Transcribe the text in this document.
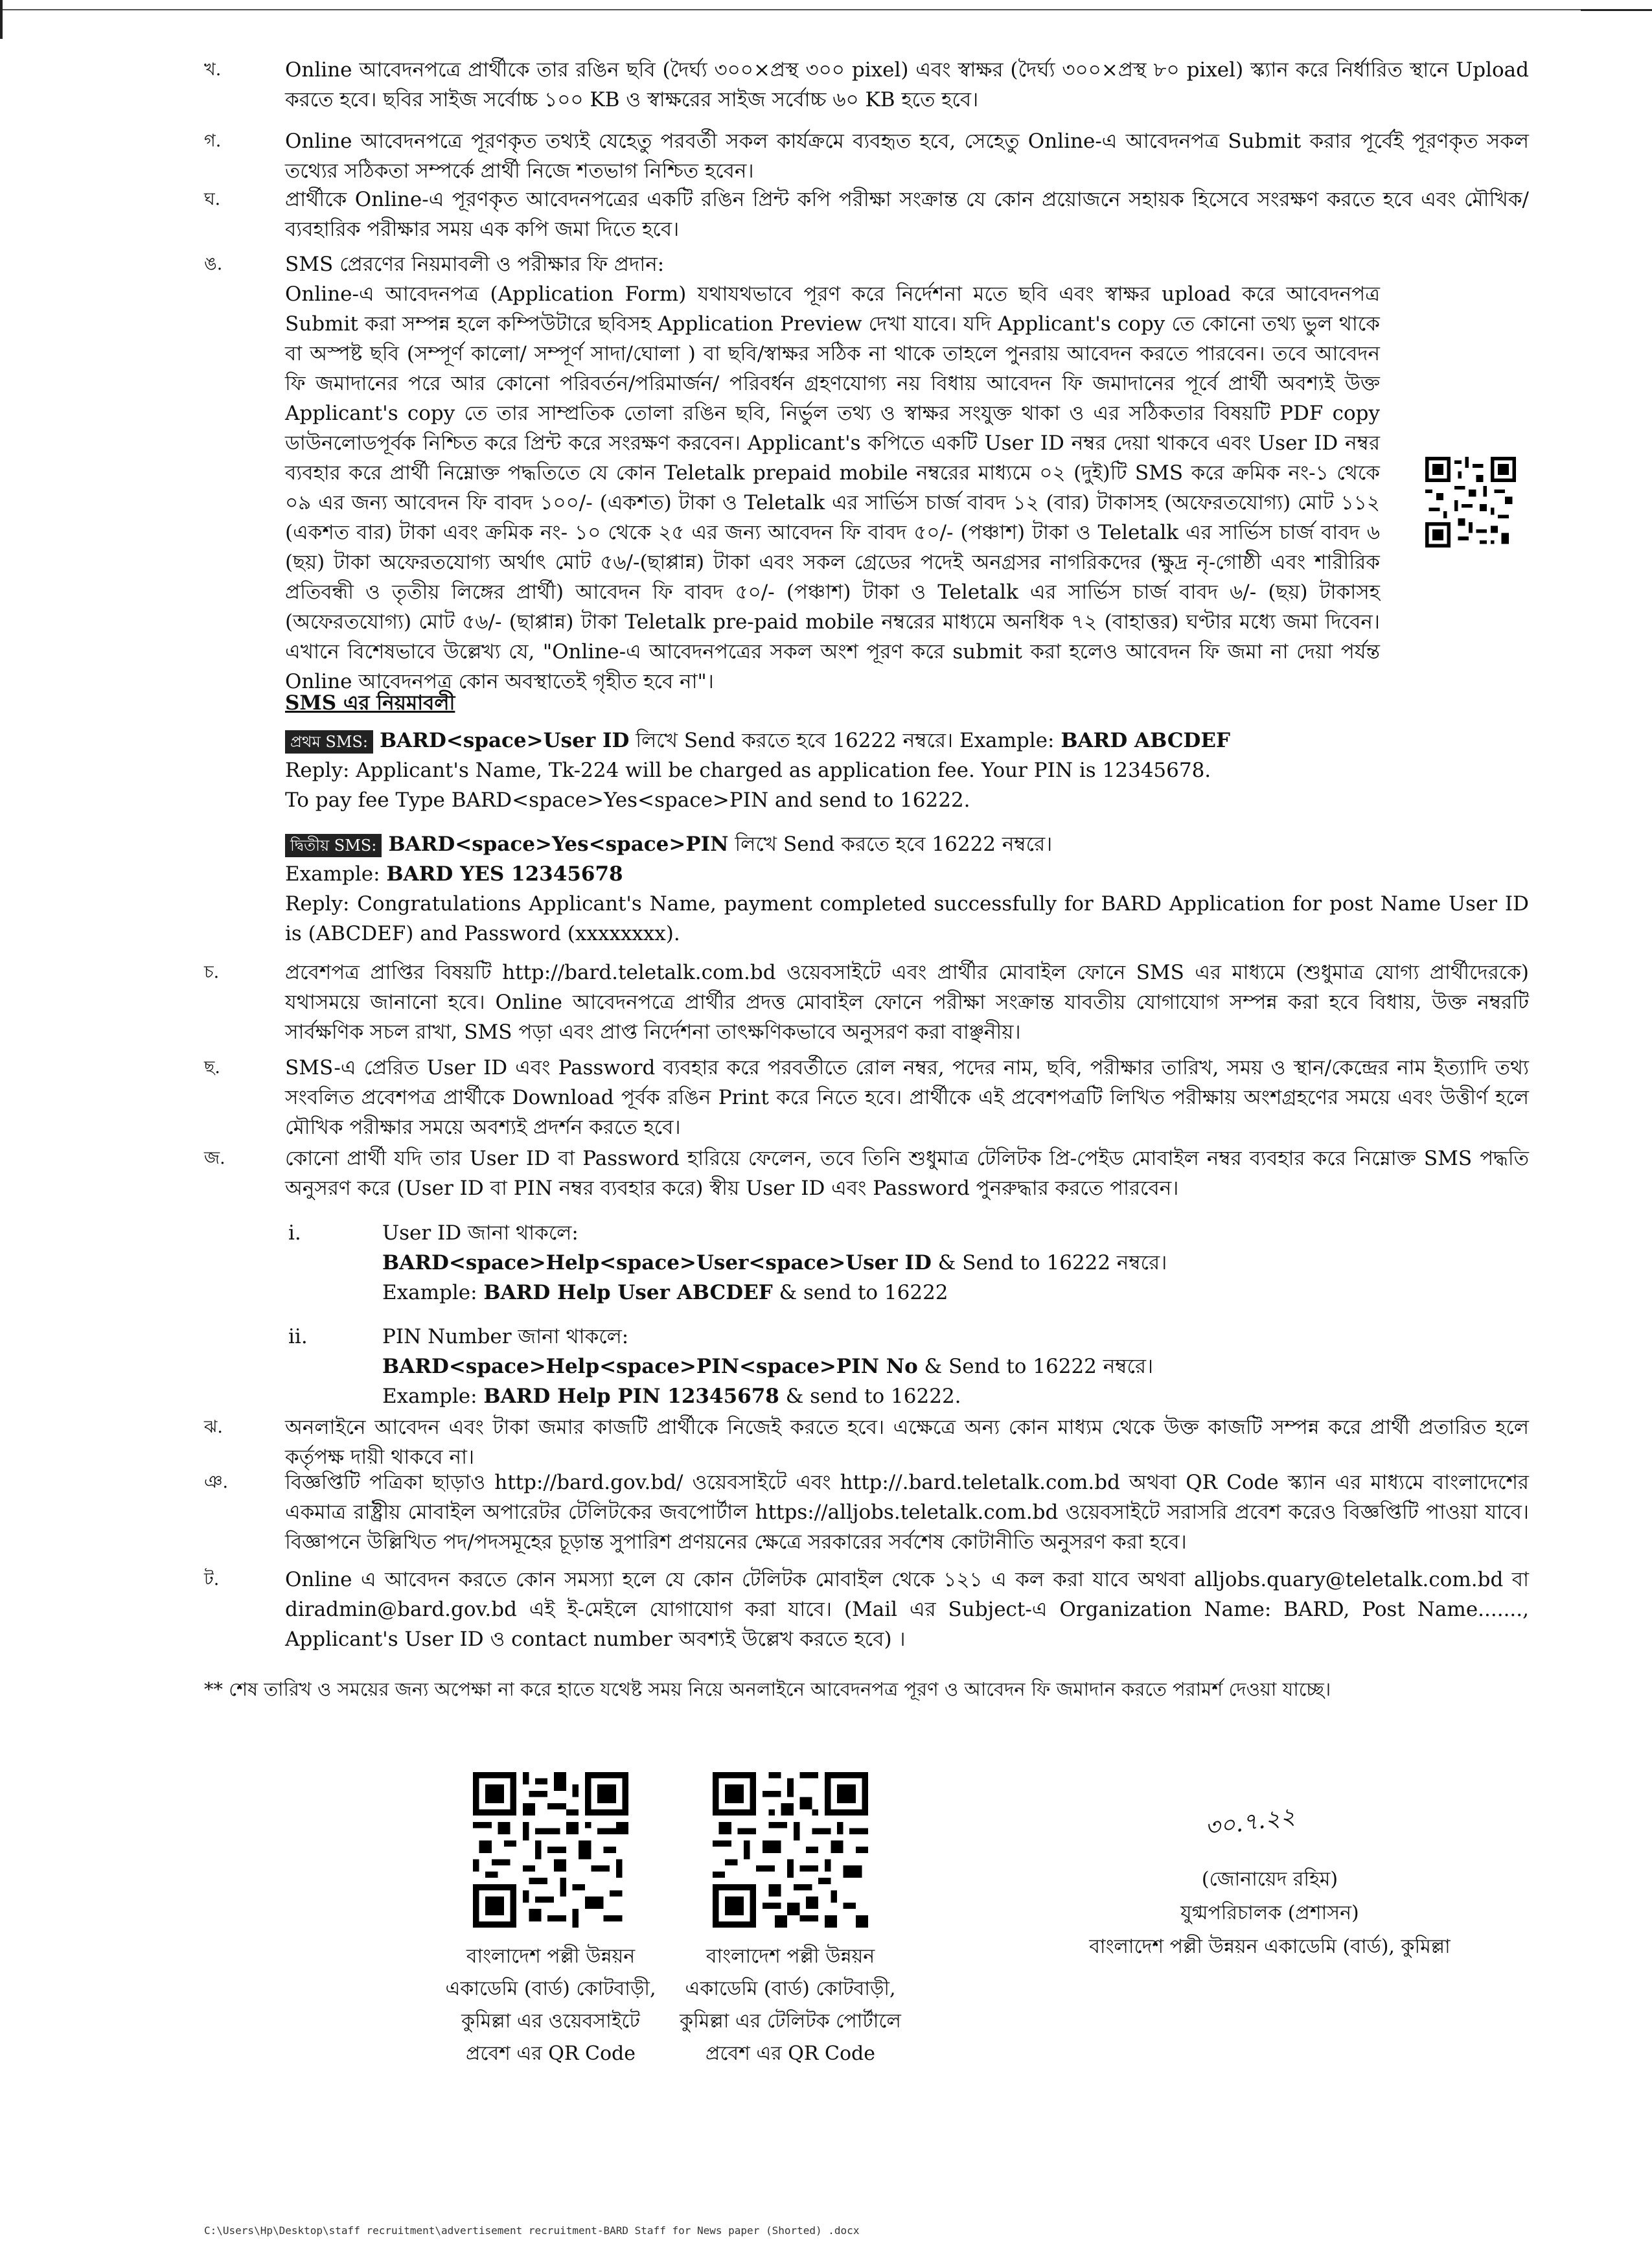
খ.	Online আবেদনপত্রে প্রার্থীকে তার রঙিন ছবি (দৈর্ঘ্য ৩০০×প্রস্থ ৩০০ pixel) এবং স্বাক্ষর (দৈর্ঘ্য ৩০০×প্রস্থ ৮০ pixel) স্ক্যান করে নির্ধারিত স্থানে Upload করতে হবে। ছবির সাইজ সর্বোচ্চ ১০০ KB ও স্বাক্ষরের সাইজ সর্বোচ্চ ৬০ KB হতে হবে।
গ.	Online আবেদনপত্রে পূরণকৃত তথ্যই যেহেতু পরবর্তী সকল কার্যক্রমে ব্যবহৃত হবে, সেহেতু Online-এ আবেদনপত্র Submit করার পূর্বেই পূরণকৃত সকল তথ্যের সঠিকতা সম্পর্কে প্রার্থী নিজে শতভাগ নিশ্চিত হবেন।
ঘ.	প্রার্থীকে Online-এ পূরণকৃত আবেদনপত্রের একটি রঙিন প্রিন্ট কপি পরীক্ষা সংক্রান্ত যে কোন প্রয়োজনে সহায়ক হিসেবে সংরক্ষণ করতে হবে এবং মৌখিক/ব্যবহারিক পরীক্ষার সময় এক কপি জমা দিতে হবে।
ঙ.	SMS প্রেরণের নিয়মাবলী ও পরীক্ষার ফি প্রদান:

Online-এ আবেদনপত্র (Application Form) যথাযথভাবে পূরণ করে নির্দেশনা মতে ছবি এবং স্বাক্ষর upload করে আবেদনপত্র Submit করা সম্পন্ন হলে কম্পিউটারে ছবিসহ Application Preview দেখা যাবে। যদি Applicant's copy তে কোনো তথ্য ভুল থাকে বা অস্পষ্ট ছবি (সম্পূর্ণ কালো/ সম্পূর্ণ সাদা/ঘোলা ) বা ছবি/স্বাক্ষর সঠিক না থাকে তাহলে পুনরায় আবেদন করতে পারবেন। তবে আবেদন ফি জমাদানের পরে আর কোনো পরিবর্তন/পরিমার্জন/ পরিবর্ধন গ্রহণযোগ্য নয় বিধায় আবেদন ফি জমাদানের পূর্বে প্রার্থী অবশ্যই উক্ত Applicant's copy তে তার সাম্প্রতিক তোলা রঙিন ছবি, নির্ভুল তথ্য ও স্বাক্ষর সংযুক্ত থাকা ও এর সঠিকতার বিষয়টি PDF copy ডাউনলোডপূর্বক নিশ্চিত করে প্রিন্ট করে সংরক্ষণ করবেন। Applicant's কপিতে একটি User ID নম্বর দেয়া থাকবে এবং User ID নম্বর ব্যবহার করে প্রার্থী নিম্নোক্ত পদ্ধতিতে যে কোন Teletalk prepaid mobile নম্বরের মাধ্যমে ০২ (দুই)টি SMS করে ক্রমিক নং-১ থেকে ০৯ এর জন্য আবেদন ফি বাবদ ১০০/- (একশত) টাকা ও Teletalk এর সার্ভিস চার্জ বাবদ ১২ (বার) টাকাসহ (অফেরতযোগ্য) মোট ১১২ (একশত বার) টাকা এবং ক্রমিক নং- ১০ থেকে ২৫ এর জন্য আবেদন ফি বাবদ ৫০/- (পঞ্চাশ) টাকা ও Teletalk এর সার্ভিস চার্জ বাবদ ৬ (ছয়) টাকা অফেরতযোগ্য অর্থাৎ মোট ৫৬/-(ছাপ্পান্ন) টাকা এবং সকল গ্রেডের পদেই অনগ্রসর নাগরিকদের (ক্ষুদ্র নৃ-গোষ্ঠী এবং শারীরিক প্রতিবন্ধী ও তৃতীয় লিঙ্গের প্রার্থী) আবেদন ফি বাবদ ৫০/- (পঞ্চাশ) টাকা ও Teletalk এর সার্ভিস চার্জ বাবদ ৬/- (ছয়) টাকাসহ (অফেরতযোগ্য) মোট ৫৬/- (ছাপ্পান্ন) টাকা Teletalk pre-paid mobile নম্বরের মাধ্যমে অনধিক ৭২ (বাহাত্তর) ঘণ্টার মধ্যে জমা দিবেন। এখানে বিশেষভাবে উল্লেখ্য যে, "Online-এ আবেদনপত্রের সকল অংশ পূরণ করে submit করা হলেও আবেদন ফি জমা না দেয়া পর্যন্ত Online আবেদনপত্র কোন অবস্থাতেই গৃহীত হবে না"।

SMS এর নিয়মাবলী

প্রথম SMS: BARD<space>User ID লিখে Send করতে হবে 16222 নম্বরে। Example: BARD ABCDEF

Reply: Applicant's Name, Tk-224 will be charged as application fee. Your PIN is 12345678.

To pay fee Type BARD<space>Yes<space>PIN and send to 16222.

দ্বিতীয় SMS: BARD<space>Yes<space>PIN লিখে Send করতে হবে 16222 নম্বরে।

Example: BARD YES 12345678

Reply: Congratulations Applicant's Name, payment completed successfully for BARD Application for post Name User ID is (ABCDEF) and Password (xxxxxxxx).

চ.	প্রবেশপত্র প্রাপ্তির বিষয়টি http://bard.teletalk.com.bd ওয়েবসাইটে এবং প্রার্থীর মোবাইল ফোনে SMS এর মাধ্যমে (শুধুমাত্র যোগ্য প্রার্থীদেরকে) যথাসময়ে জানানো হবে। Online আবেদনপত্রে প্রার্থীর প্রদত্ত মোবাইল ফোনে পরীক্ষা সংক্রান্ত যাবতীয় যোগাযোগ সম্পন্ন করা হবে বিধায়, উক্ত নম্বরটি সার্বক্ষণিক সচল রাখা, SMS পড়া এবং প্রাপ্ত নির্দেশনা তাৎক্ষণিকভাবে অনুসরণ করা বাঞ্ছনীয়।
ছ.	SMS-এ প্রেরিত User ID এবং Password ব্যবহার করে পরবর্তীতে রোল নম্বর, পদের নাম, ছবি, পরীক্ষার তারিখ, সময় ও স্থান/কেন্দ্রের নাম ইত্যাদি তথ্য সংবলিত প্রবেশপত্র প্রার্থীকে Download পূর্বক রঙিন Print করে নিতে হবে। প্রার্থীকে এই প্রবেশপত্রটি লিখিত পরীক্ষায় অংশগ্রহণের সময়ে এবং উত্তীর্ণ হলে মৌখিক পরীক্ষার সময়ে অবশ্যই প্রদর্শন করতে হবে।
জ.	কোনো প্রার্থী যদি তার User ID বা Password হারিয়ে ফেলেন, তবে তিনি শুধুমাত্র টেলিটক প্রি-পেইড মোবাইল নম্বর ব্যবহার করে নিম্নোক্ত SMS পদ্ধতি অনুসরণ করে (User ID বা PIN নম্বর ব্যবহার করে) স্বীয় User ID এবং Password পুনরুদ্ধার করতে পারবেন।
i.	User ID জানা থাকলে:
BARD<space>Help<space>User<space>User ID & Send to 16222 নম্বরে।
Example: BARD Help User ABCDEF & send to 16222
ii.	PIN Number জানা থাকলে:
BARD<space>Help<space>PIN<space>PIN No & Send to 16222 নম্বরে।
Example: BARD Help PIN 12345678 & send to 16222.
ঝ.	অনলাইনে আবেদন এবং টাকা জমার কাজটি প্রার্থীকে নিজেই করতে হবে। এক্ষেত্রে অন্য কোন মাধ্যম থেকে উক্ত কাজটি সম্পন্ন করে প্রার্থী প্রতারিত হলে কর্তৃপক্ষ দায়ী থাকবে না।
ঞ.	বিজ্ঞপ্তিটি পত্রিকা ছাড়াও http://bard.gov.bd/ ওয়েবসাইটে এবং http://.bard.teletalk.com.bd অথবা QR Code স্ক্যান এর মাধ্যমে বাংলাদেশের একমাত্র রাষ্ট্রীয় মোবাইল অপারেটর টেলিটকের জবপোর্টাল https://alljobs.teletalk.com.bd ওয়েবসাইটে সরাসরি প্রবেশ করেও বিজ্ঞপ্তিটি পাওয়া যাবে। বিজ্ঞাপনে উল্লিখিত পদ/পদসমূহের চূড়ান্ত সুপারিশ প্রণয়নের ক্ষেত্রে সরকারের সর্বশেষ কোটানীতি অনুসরণ করা হবে।
ট.	Online এ আবেদন করতে কোন সমস্যা হলে যে কোন টেলিটক মোবাইল থেকে ১২১ এ কল করা যাবে অথবা alljobs.quary@teletalk.com.bd বা diradmin@bard.gov.bd এই ই-মেইলে যোগাযোগ করা যাবে। (Mail এর Subject-এ Organization Name: BARD, Post Name......., Applicant's User ID ও contact number অবশ্যই উল্লেখ করতে হবে) ।
** শেষ তারিখ ও সময়ের জন্য অপেক্ষা না করে হাতে যথেষ্ট সময় নিয়ে অনলাইনে আবেদনপত্র পূরণ ও আবেদন ফি জমাদান করতে পরামর্শ দেওয়া যাচ্ছে।
বাংলাদেশ পল্লী উন্নয়ন
একাডেমি (বার্ড) কোটবাড়ী,
কুমিল্লা এর ওয়েবসাইটে
প্রবেশ এর QR Code
বাংলাদেশ পল্লী উন্নয়ন
একাডেমি (বার্ড) কোটবাড়ী,
কুমিল্লা এর টেলিটক পোর্টালে
প্রবেশ এর QR Code
৩০.৭.২২
(জোনায়েদ রহিম)
যুগ্মপরিচালক (প্রশাসন)
বাংলাদেশ পল্লী উন্নয়ন একাডেমি (বার্ড), কুমিল্লা
C:\Users\Hp\Desktop\staff recruitment\advertisement recruitment-BARD Staff for News paper (Shorted) .docx
